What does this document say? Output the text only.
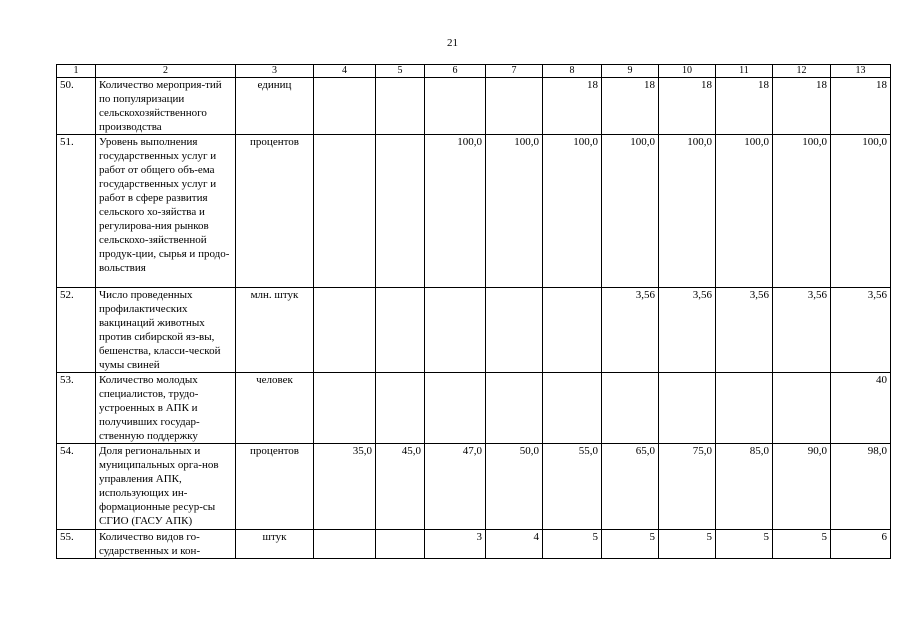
21
1	2	3	4	5	6	7	8	9	10	11	12	13
50.	Количество мероприя-тий по популяризации сельскохозяйственного производства	единиц					18	18	18	18	18	18
51.	Уровень выполнения государственных услуг и работ от общего объ-ема государственных услуг и работ в сфере развития сельского хо-зяйства и регулирова-ния рынков сельскохо-зяйственной продук-ции, сырья и продо-вольствия	процентов			100,0	100,0	100,0	100,0	100,0	100,0	100,0	100,0
52.	Число проведенных профилактических вакцинаций животных против сибирской яз-вы, бешенства, класси-ческой чумы свиней	млн. штук						3,56	3,56	3,56	3,56	3,56
53.	Количество молодых специалистов, трудо-устроенных в АПК и получивших государ-ственную поддержку	человек										40
54.	Доля региональных и муниципальных орга-нов управления АПК, использующих ин-формационные ресур-сы СГИО (ГАСУ АПК)	процентов	35,0	45,0	47,0	50,0	55,0	65,0	75,0	85,0	90,0	98,0
55.	Количество видов го-сударственных и кон-	штук			3	4	5	5	5	5	5	6
